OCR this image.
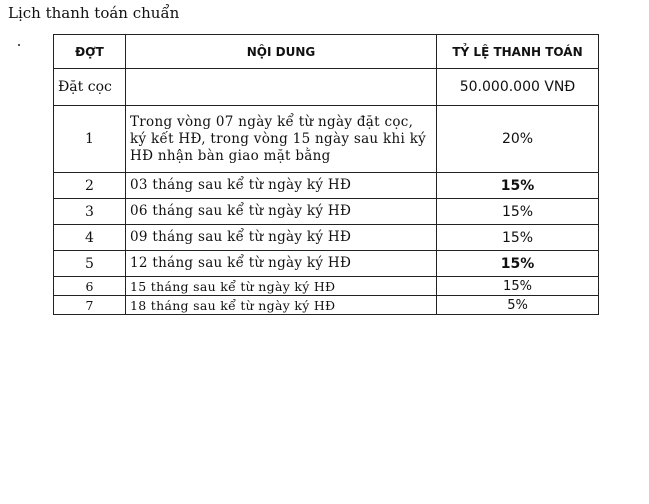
Lịch thanh toán chuẩn
ĐỢT	NỘI DUNG	TỶ LỆ THANH TOÁN
Đặt cọc		50.000.000 VNĐ
1	Trong vòng 07 ngày kể từ ngày đặt cọc, ký kết HĐ, trong vòng 15 ngày sau khi ký HĐ nhận bàn giao mặt bằng	20%
2	03 tháng sau kể từ ngày ký HĐ	15%
3	06 tháng sau kể từ ngày ký HĐ	15%
4	09 tháng sau kể từ ngày ký HĐ	15%
5	12 tháng sau kể từ ngày ký HĐ	15%
6	15 tháng sau kể từ ngày ký HĐ	15%
7	18 tháng sau kể từ ngày ký HĐ	5%
